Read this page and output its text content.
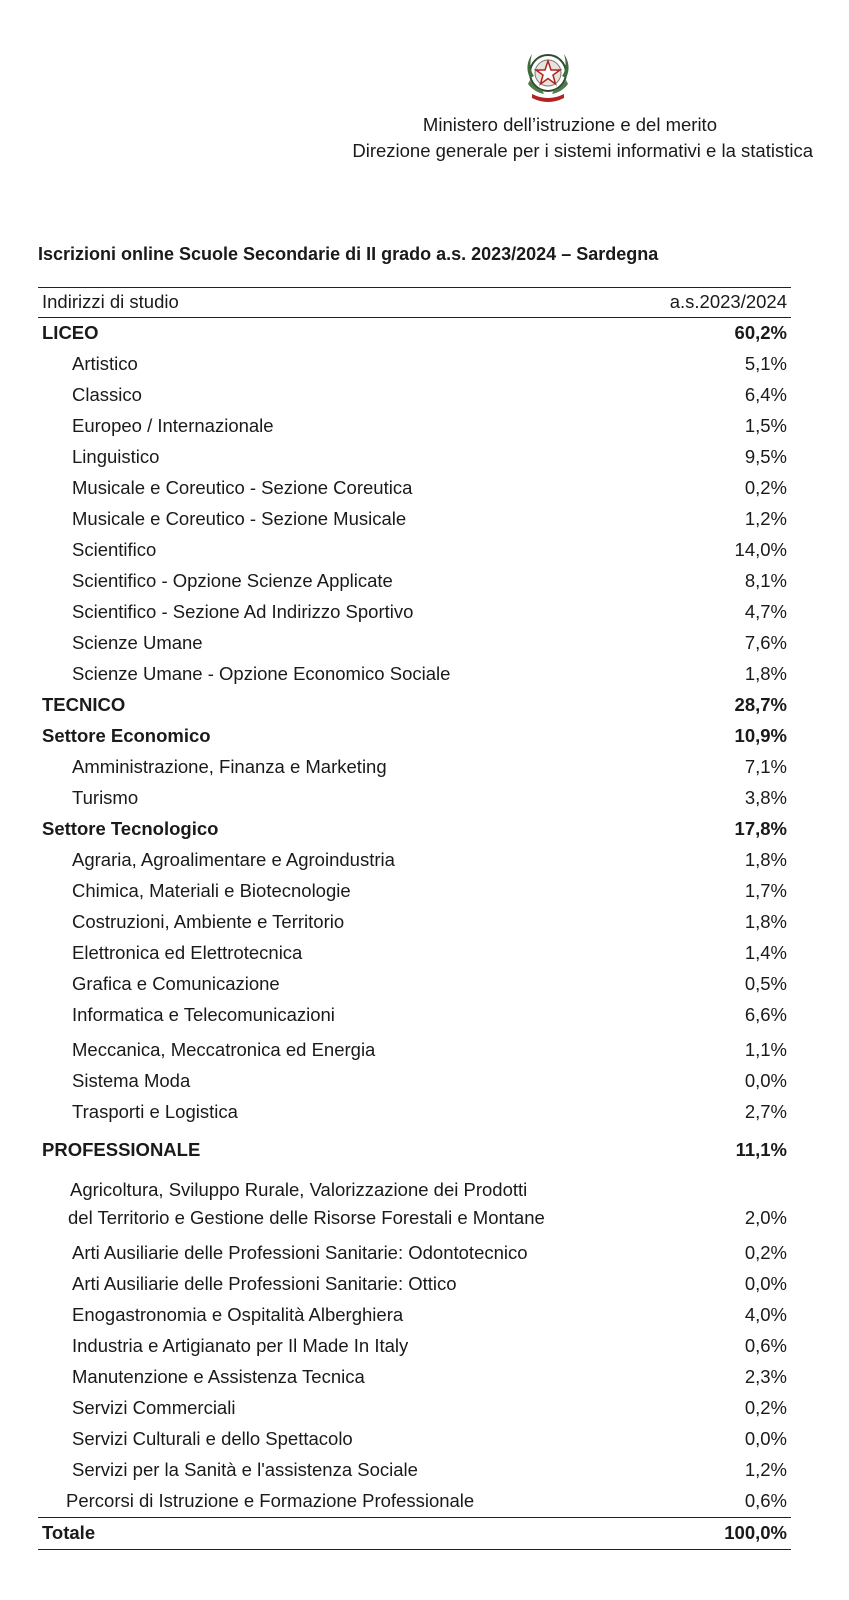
Ministero dell’istruzione e del merito
Direzione generale per i sistemi informativi e la statistica
Iscrizioni online Scuole Secondarie di II grado a.s. 2023/2024 – Sardegna
Indirizzi di studio	a.s.2023/2024
LICEO	60,2%
Artistico	5,1%
Classico	6,4%
Europeo / Internazionale	1,5%
Linguistico	9,5%
Musicale e Coreutico - Sezione Coreutica	0,2%
Musicale e Coreutico - Sezione Musicale	1,2%
Scientifico	14,0%
Scientifico - Opzione Scienze Applicate	8,1%
Scientifico - Sezione Ad Indirizzo Sportivo	4,7%
Scienze Umane	7,6%
Scienze Umane - Opzione Economico Sociale	1,8%
TECNICO	28,7%
Settore Economico	10,9%
Amministrazione, Finanza e Marketing	7,1%
Turismo	3,8%
Settore Tecnologico	17,8%
Agraria, Agroalimentare e Agroindustria	1,8%
Chimica, Materiali e Biotecnologie	1,7%
Costruzioni, Ambiente e Territorio	1,8%
Elettronica ed Elettrotecnica	1,4%
Grafica e Comunicazione	0,5%
Informatica e Telecomunicazioni	6,6%
Meccanica, Meccatronica ed Energia	1,1%
Sistema Moda	0,0%
Trasporti e Logistica	2,7%
PROFESSIONALE	11,1%
Agricoltura, Sviluppo Rurale, Valorizzazione dei Prodotti
del Territorio e Gestione delle Risorse Forestali e Montane	2,0%
Arti Ausiliarie delle Professioni Sanitarie: Odontotecnico	0,2%
Arti Ausiliarie delle Professioni Sanitarie: Ottico	0,0%
Enogastronomia e Ospitalità Alberghiera	4,0%
Industria e Artigianato per Il Made In Italy	0,6%
Manutenzione e Assistenza Tecnica	2,3%
Servizi Commerciali	0,2%
Servizi Culturali e dello Spettacolo	0,0%
Servizi per la Sanità e l'assistenza Sociale	1,2%
Percorsi di Istruzione e Formazione Professionale	0,6%
Totale	100,0%
